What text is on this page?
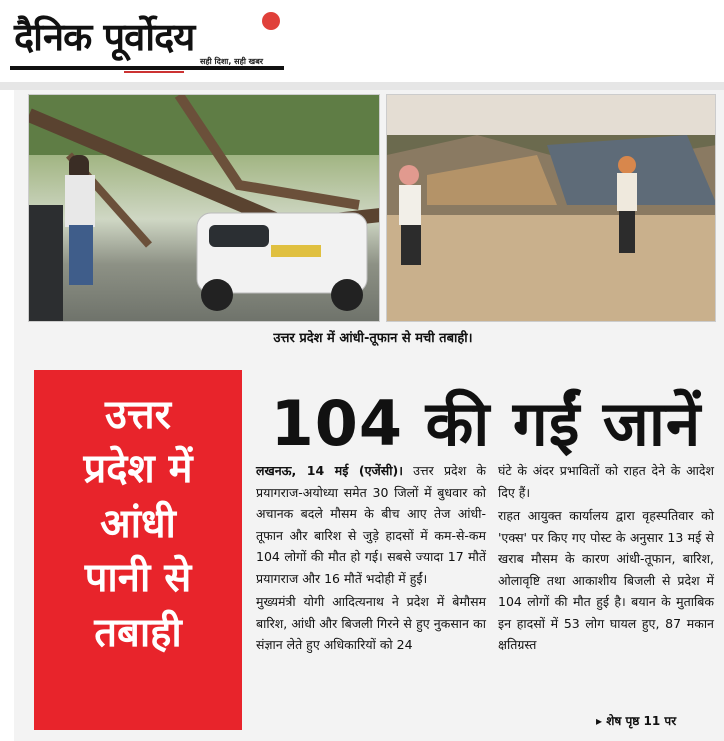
दैनिक पूर्वोदय
सही दिशा, सही खबर
उत्तर प्रदेश में आंधी-तूफान से मची तबाही।
उत्तर
प्रदेश में
आंधी
पानी से
तबाही
104 की गईं जानें

लखनऊ, 14 मई (एजेंसी)। उत्तर प्रदेश के प्रयागराज-अयोध्या समेत 30 जिलों में बुधवार को अचानक बदले मौसम के बीच आए तेज आंधी-तूफान और बारिश से जुड़े हादसों में कम-से-कम 104 लोगों की मौत हो गई। सबसे ज्यादा 17 मौतें प्रयागराज और 16 मौतें भदोही में हुईं।

मुख्यमंत्री योगी आदित्यनाथ ने प्रदेश में बेमौसम बारिश, आंधी और बिजली गिरने से हुए नुकसान का संज्ञान लेते हुए अधिकारियों को 24

घंटे के अंदर प्रभावितों को राहत देने के आदेश दिए हैं।

राहत आयुक्त कार्यालय द्वारा वृहस्पतिवार को 'एक्स' पर किए गए पोस्ट के अनुसार 13 मई से खराब मौसम के कारण आंधी-तूफान, बारिश, ओलावृष्टि तथा आकाशीय बिजली से प्रदेश में 104 लोगों की मौत हुई है। बयान के मुताबिक इन हादसों में 53 लोग घायल हुए, 87 मकान क्षतिग्रस्त

▸ शेष पृष्ठ 11 पर
